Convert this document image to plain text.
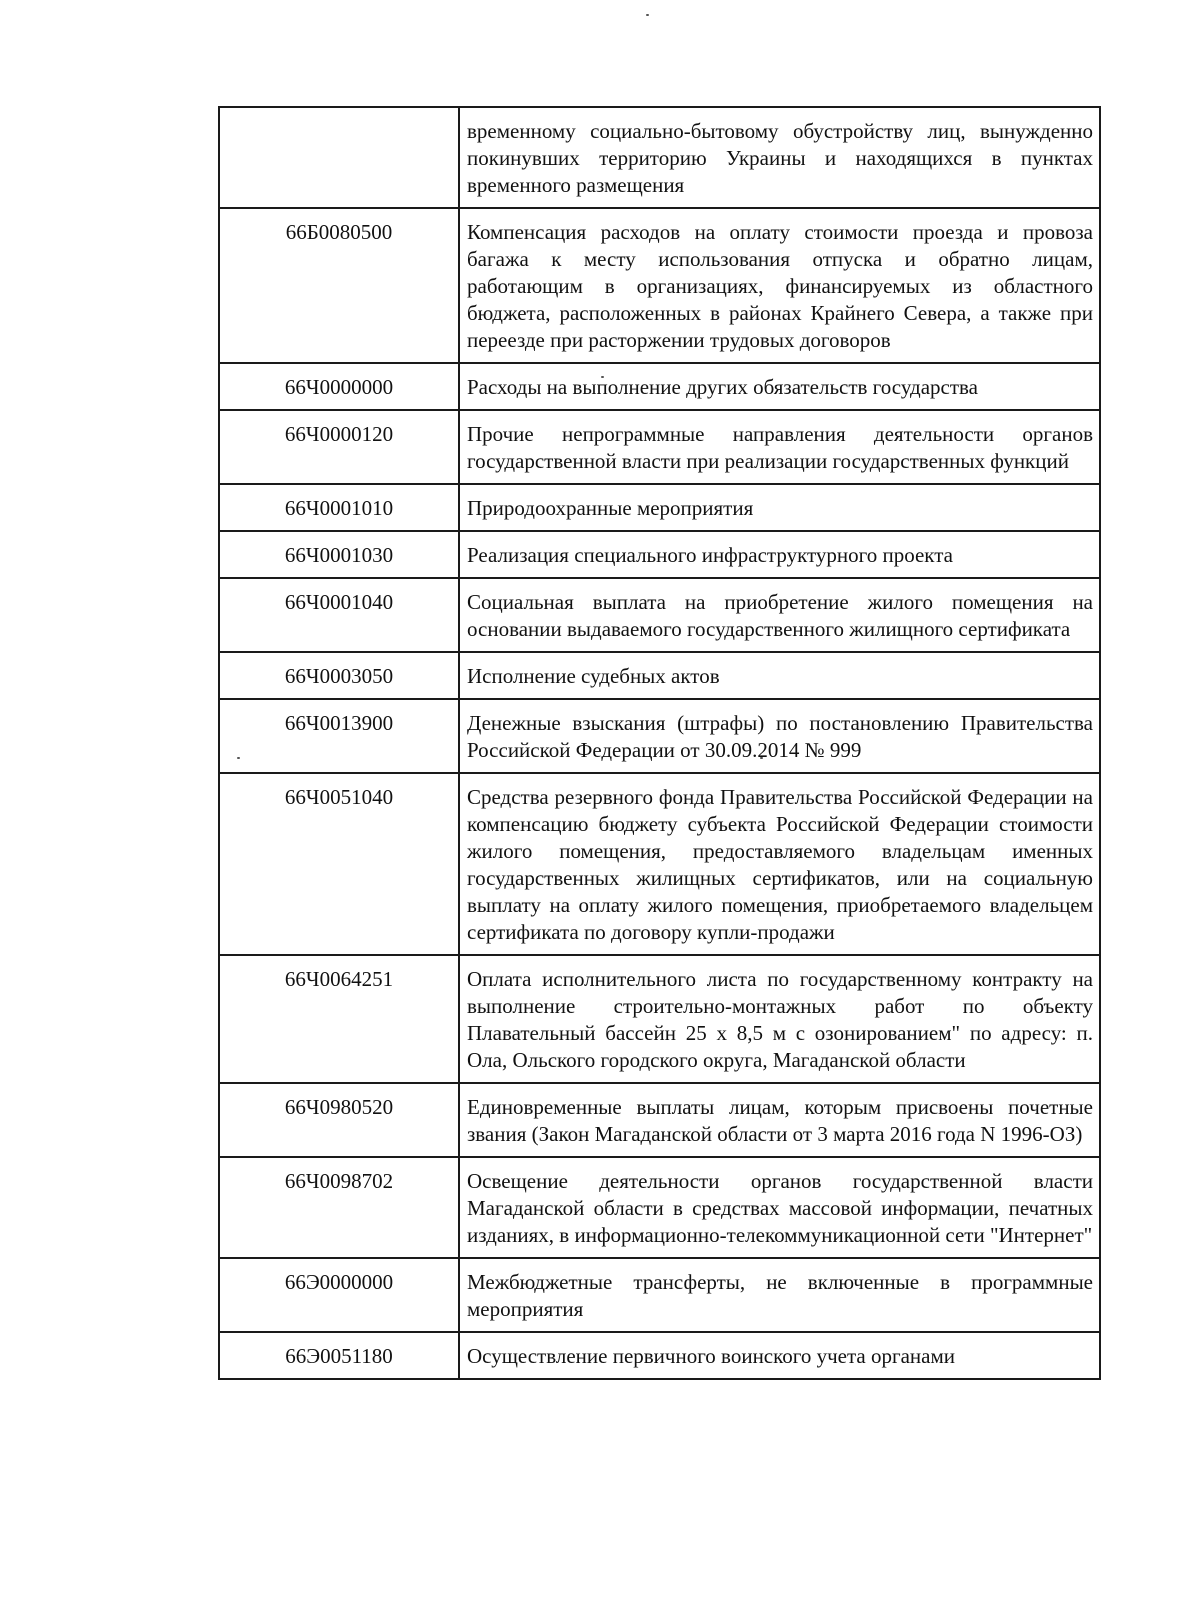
	временному социально-бытовому обустройству лиц, вынужденно покинувших территорию Украины и находящихся в пунктах временного размещения
66Б0080500	Компенсация расходов на оплату стоимости проезда и провоза багажа к месту использования отпуска и обратно лицам, работающим в организациях, финансируемых из областного бюджета, расположенных в районах Крайнего Севера, а также при переезде при расторжении трудовых договоров
66Ч0000000	Расходы на выполнение других обязательств государства
66Ч0000120	Прочие непрограммные направления деятельности органов государственной власти при реализации государственных функций
66Ч0001010	Природоохранные мероприятия
66Ч0001030	Реализация специального инфраструктурного проекта
66Ч0001040	Социальная выплата на приобретение жилого помещения на основании выдаваемого государственного жилищного сертификата
66Ч0003050	Исполнение судебных актов
66Ч0013900	Денежные взыскания (штрафы) по постановлению Правительства Российской Федерации от 30.09.2014 № 999
66Ч0051040	Средства резервного фонда Правительства Российской Федерации на компенсацию бюджету субъекта Российской Федерации стоимости жилого помещения, предоставляемого владельцам именных государственных жилищных сертификатов, или на социальную выплату на оплату жилого помещения, приобретаемого владельцем сертификата по договору купли-продажи
66Ч0064251	Оплата исполнительного листа по государственному контракту на выполнение строительно-монтажных работ по объекту Плавательный бассейн 25 х 8,5 м с озонированием" по адресу: п. Ола, Ольского городского округа, Магаданской области
66Ч0980520	Единовременные выплаты лицам, которым присвоены почетные звания (Закон Магаданской области от 3 марта 2016 года N 1996-ОЗ)
66Ч0098702	Освещение деятельности органов государственной власти Магаданской области в средствах массовой информации, печатных изданиях, в информационно-телекоммуникационной сети "Интернет"
66Э0000000	Межбюджетные трансферты, не включенные в программные мероприятия
66Э0051180	Осуществление первичного воинского учета органами
